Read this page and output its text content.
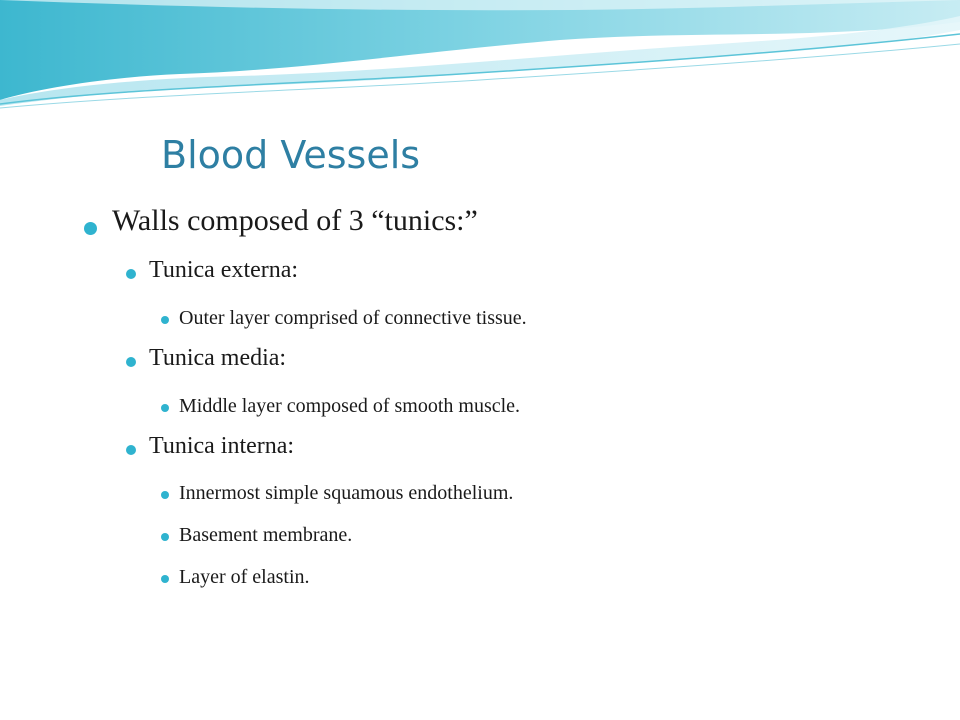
Blood Vessels
Walls composed of 3 “tunics:”
Tunica externa:
Outer layer comprised of connective tissue.
Tunica media:
Middle layer composed of smooth muscle.
Tunica interna:
Innermost simple squamous endothelium.
Basement membrane.
Layer of elastin.
